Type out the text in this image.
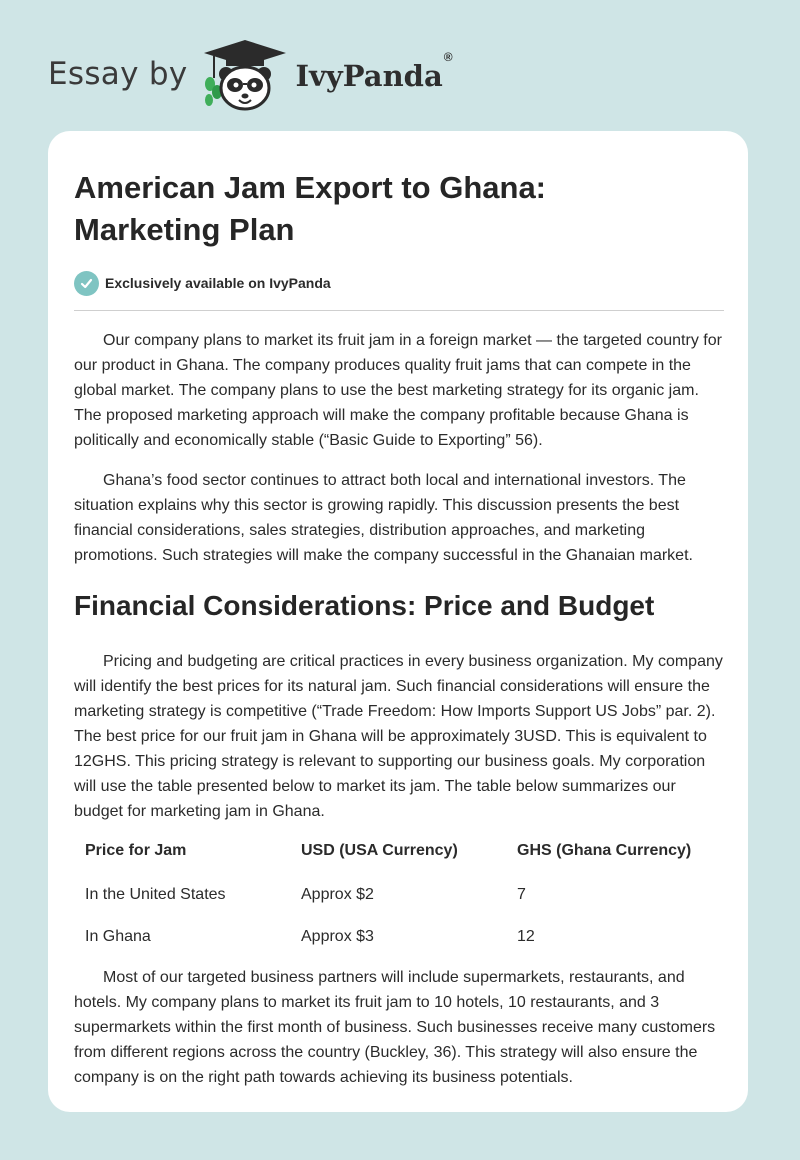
Essay by	IvyPanda®
American Jam Export to Ghana:
Marketing Plan
Exclusively available on IvyPanda

Our company plans to market its fruit jam in a foreign market — the targeted country for our product in Ghana. The company produces quality fruit jams that can compete in the global market. The company plans to use the best marketing strategy for its organic jam. The proposed marketing approach will make the company profitable because Ghana is politically and economically stable (“Basic Guide to Exporting” 56).

Ghana’s food sector continues to attract both local and international investors. The situation explains why this sector is growing rapidly. This discussion presents the best financial considerations, sales strategies, distribution approaches, and marketing promotions. Such strategies will make the company successful in the Ghanaian market.

Financial Considerations: Price and Budget

Pricing and budgeting are critical practices in every business organization. My company will identify the best prices for its natural jam. Such financial considerations will ensure the marketing strategy is competitive (“Trade Freedom: How Imports Support US Jobs” par. 2). The best price for our fruit jam in Ghana will be approximately 3USD. This is equivalent to 12GHS. This pricing strategy is relevant to supporting our business goals. My corporation will use the table presented below to market its jam. The table below summarizes our budget for marketing jam in Ghana.

Price for Jam	USD (USA Currency)	GHS (Ghana Currency)
In the United States	Approx $2	7
In Ghana	Approx $3	12

Most of our targeted business partners will include supermarkets, restaurants, and hotels. My company plans to market its fruit jam to 10 hotels, 10 restaurants, and 3 supermarkets within the first month of business. Such businesses receive many customers from different regions across the country (Buckley, 36). This strategy will also ensure the company is on the right path towards achieving its business potentials.
